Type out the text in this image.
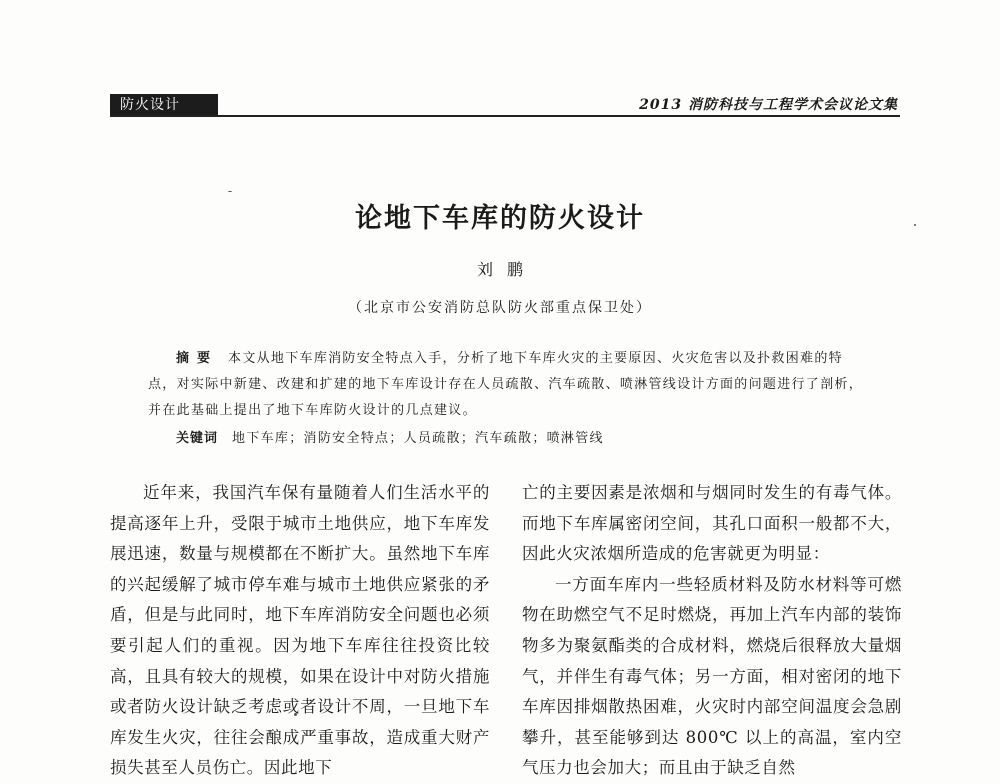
防火设计	2013 消防科技与工程学术会议论文集
论地下车库的防火设计
刘鹏
（北京市公安消防总队防火部重点保卫处）
摘要 本文从地下车库消防安全特点入手，分析了地下车库火灾的主要原因、火灾危害以及扑救困难的特点，对实际中新建、改建和扩建的地下车库设计存在人员疏散、汽车疏散、喷淋管线设计方面的问题进行了剖析，并在此基础上提出了地下车库防火设计的几点建议。
关键词 地下车库；消防安全特点；人员疏散；汽车疏散；喷淋管线

近年来，我国汽车保有量随着人们生活水平的提高逐年上升，受限于城市土地供应，地下车库发展迅速，数量与规模都在不断扩大。虽然地下车库的兴起缓解了城市停车难与城市土地供应紧张的矛盾，但是与此同时，地下车库消防安全问题也必须要引起人们的重视。因为地下车库往往投资比较高，且具有较大的规模，如果在设计中对防火措施或者防火设计缺乏考虑或者设计不周，一旦地下车库发生火灾，往往会酿成严重事故，造成重大财产损失甚至人员伤亡。因此地下

亡的主要因素是浓烟和与烟同时发生的有毒气体。而地下车库属密闭空间，其孔口面积一般都不大，因此火灾浓烟所造成的危害就更为明显：

一方面车库内一些轻质材料及防水材料等可燃物在助燃空气不足时燃烧，再加上汽车内部的装饰物多为聚氨酯类的合成材料，燃烧后很释放大量烟气，并伴生有毒气体；另一方面，相对密闭的地下车库因排烟散热困难，火灾时内部空间温度会急剧攀升，甚至能够到达 800℃ 以上的高温，室内空气压力也会加大；而且由于缺乏自然
